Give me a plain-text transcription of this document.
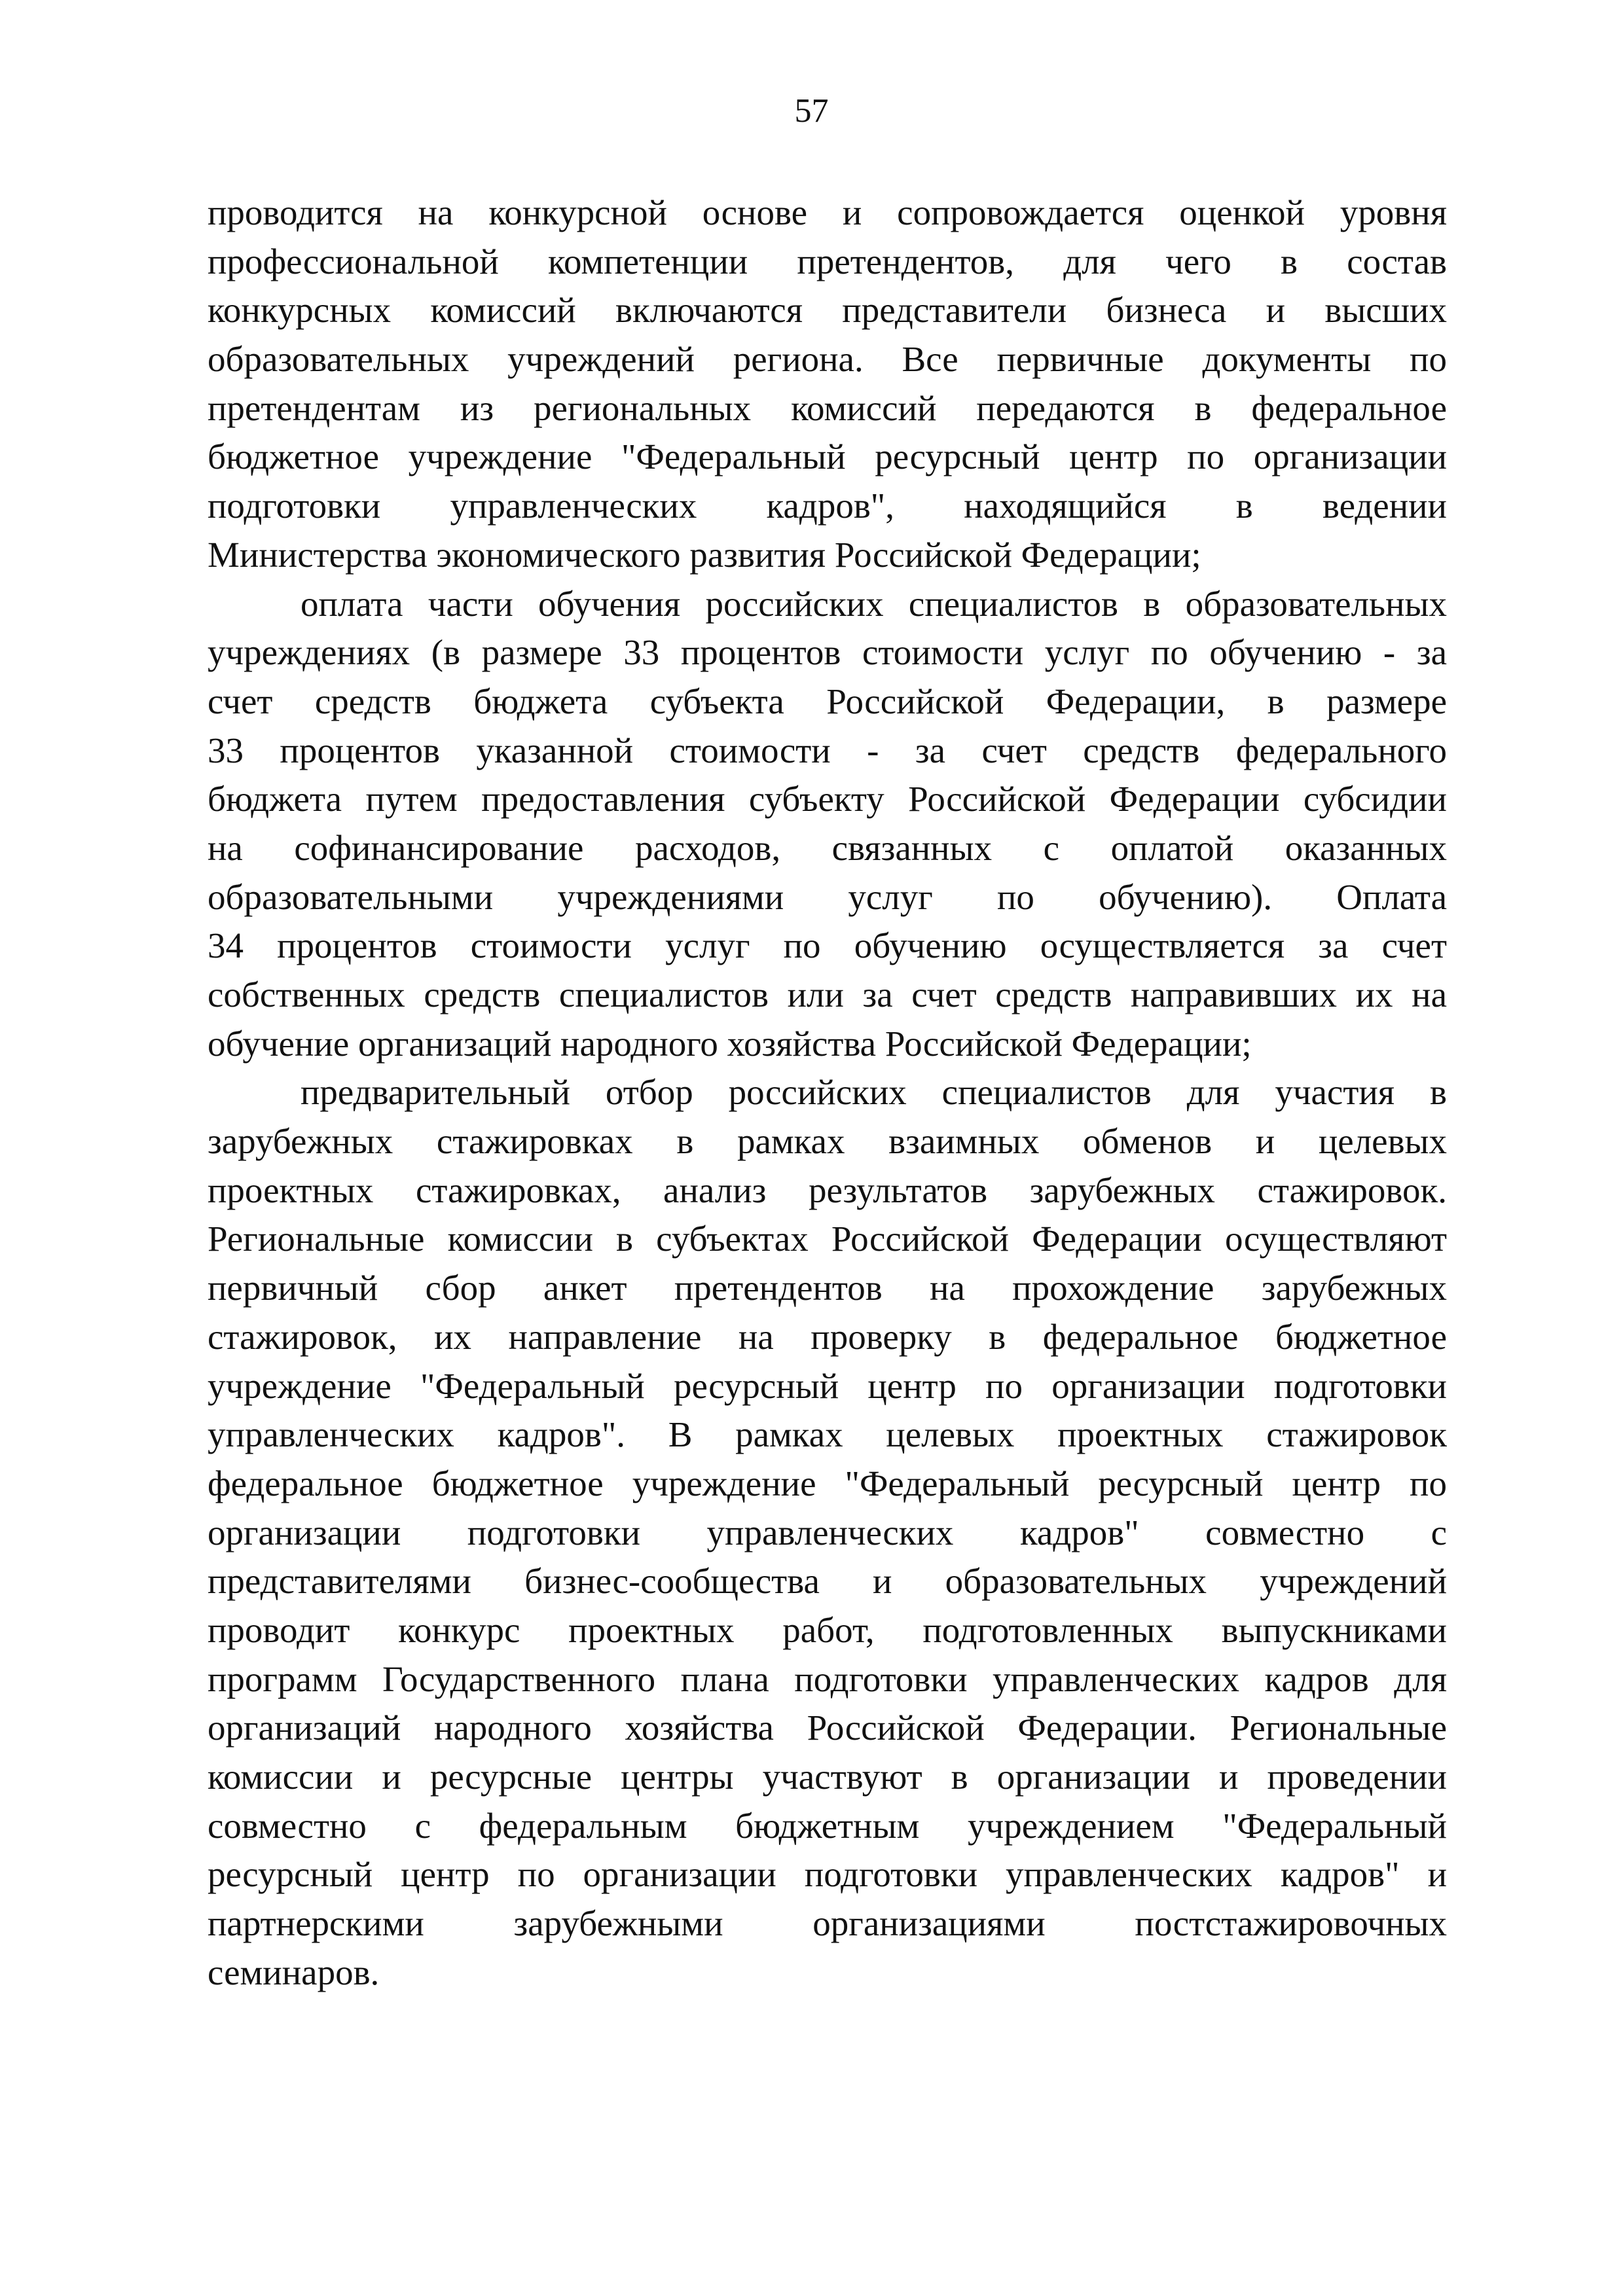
57
проводится на конкурсной основе и сопровождается оценкой уровня
профессиональной компетенции претендентов, для чего в состав
конкурсных комиссий включаются представители бизнеса и высших
образовательных учреждений региона. Все первичные документы по
претендентам из региональных комиссий передаются в федеральное
бюджетное учреждение "Федеральный ресурсный центр по организации
подготовки управленческих кадров", находящийся в ведении
Министерства экономического развития Российской Федерации;
оплата части обучения российских специалистов в образовательных
учреждениях (в размере 33 процентов стоимости услуг по обучению - за
счет средств бюджета субъекта Российской Федерации, в размере
33 процентов указанной стоимости - за счет средств федерального
бюджета путем предоставления субъекту Российской Федерации субсидии
на софинансирование расходов, связанных с оплатой оказанных
образовательными учреждениями услуг по обучению). Оплата
34 процентов стоимости услуг по обучению осуществляется за счет
собственных средств специалистов или за счет средств направивших их на
обучение организаций народного хозяйства Российской Федерации;
предварительный отбор российских специалистов для участия в
зарубежных стажировках в рамках взаимных обменов и целевых
проектных стажировках, анализ результатов зарубежных стажировок.
Региональные комиссии в субъектах Российской Федерации осуществляют
первичный сбор анкет претендентов на прохождение зарубежных
стажировок, их направление на проверку в федеральное бюджетное
учреждение "Федеральный ресурсный центр по организации подготовки
управленческих кадров". В рамках целевых проектных стажировок
федеральное бюджетное учреждение "Федеральный ресурсный центр по
организации подготовки управленческих кадров" совместно с
представителями бизнес-сообщества и образовательных учреждений
проводит конкурс проектных работ, подготовленных выпускниками
программ Государственного плана подготовки управленческих кадров для
организаций народного хозяйства Российской Федерации. Региональные
комиссии и ресурсные центры участвуют в организации и проведении
совместно с федеральным бюджетным учреждением "Федеральный
ресурсный центр по организации подготовки управленческих кадров" и
партнерскими зарубежными организациями постстажировочных
семинаров.
